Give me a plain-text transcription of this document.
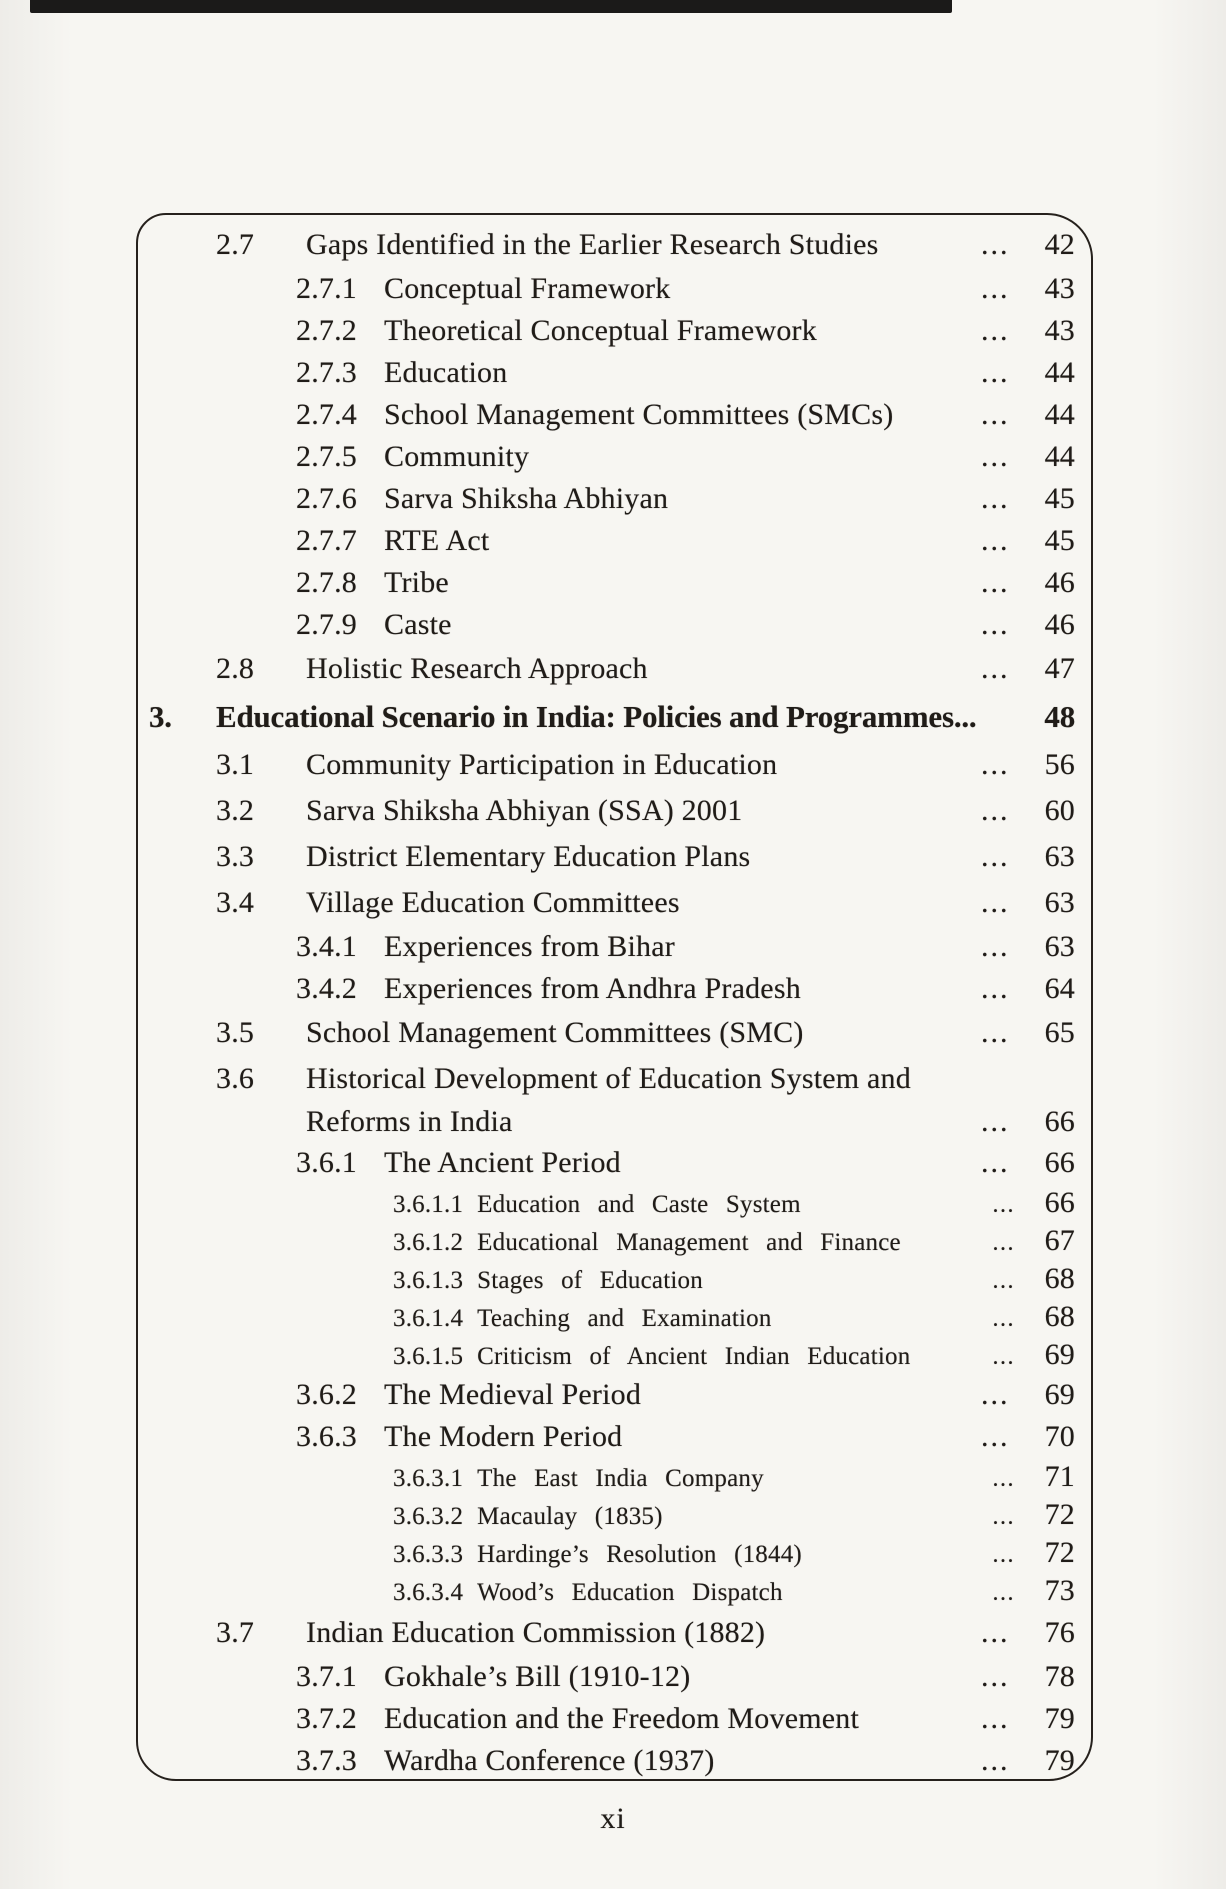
2.7	Gaps Identified in the Earlier Research Studies	...	42
2.7.1 Conceptual Framework	...	43
2.7.2 Theoretical Conceptual Framework	...	43
2.7.3 Education	...	44
2.7.4 School Management Committees (SMCs)	...	44
2.7.5 Community	...	44
2.7.6 Sarva Shiksha Abhiyan	...	45
2.7.7 RTE Act	...	45
2.7.8 Tribe	...	46
2.7.9 Caste	...	46
2.8	Holistic Research Approach	...	47
3.	Educational Scenario in India: Policies and Programmes...	48
3.1	Community Participation in Education	...	56
3.2	Sarva Shiksha Abhiyan (SSA) 2001	...	60
3.3	District Elementary Education Plans	...	63
3.4	Village Education Committees	...	63
3.4.1 Experiences from Bihar	...	63
3.4.2 Experiences from Andhra Pradesh	...	64
3.5	School Management Committees (SMC)	...	65
3.6	Historical Development of Education System and
Reforms in India	...	66
3.6.1 The Ancient Period	...	66
3.6.1.1 Education and Caste System	... 66
3.6.1.2 Educational Management and Finance	... 67
3.6.1.3 Stages of Education	... 68
3.6.1.4 Teaching and Examination	... 68
3.6.1.5 Criticism of Ancient Indian Education	... 69
3.6.2 The Medieval Period	...	69
3.6.3 The Modern Period	...	70
3.6.3.1 The East India Company	... 71
3.6.3.2 Macaulay (1835)	... 72
3.6.3.3 Hardinge’s Resolution (1844)	... 72
3.6.3.4 Wood’s Education Dispatch	... 73
3.7	Indian Education Commission (1882)	...	76
3.7.1 Gokhale’s Bill (1910-12)	...	78
3.7.2 Education and the Freedom Movement	...	79
3.7.3 Wardha Conference (1937)	...	79
xi
